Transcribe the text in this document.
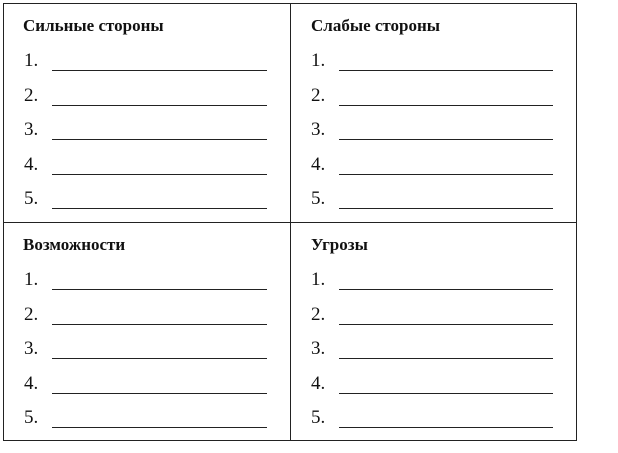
Сильные стороны
1.
2.
3.
4.
5.
Слабые стороны
1.
2.
3.
4.
5.
Возможности
1.
2.
3.
4.
5.
Угрозы
1.
2.
3.
4.
5.
